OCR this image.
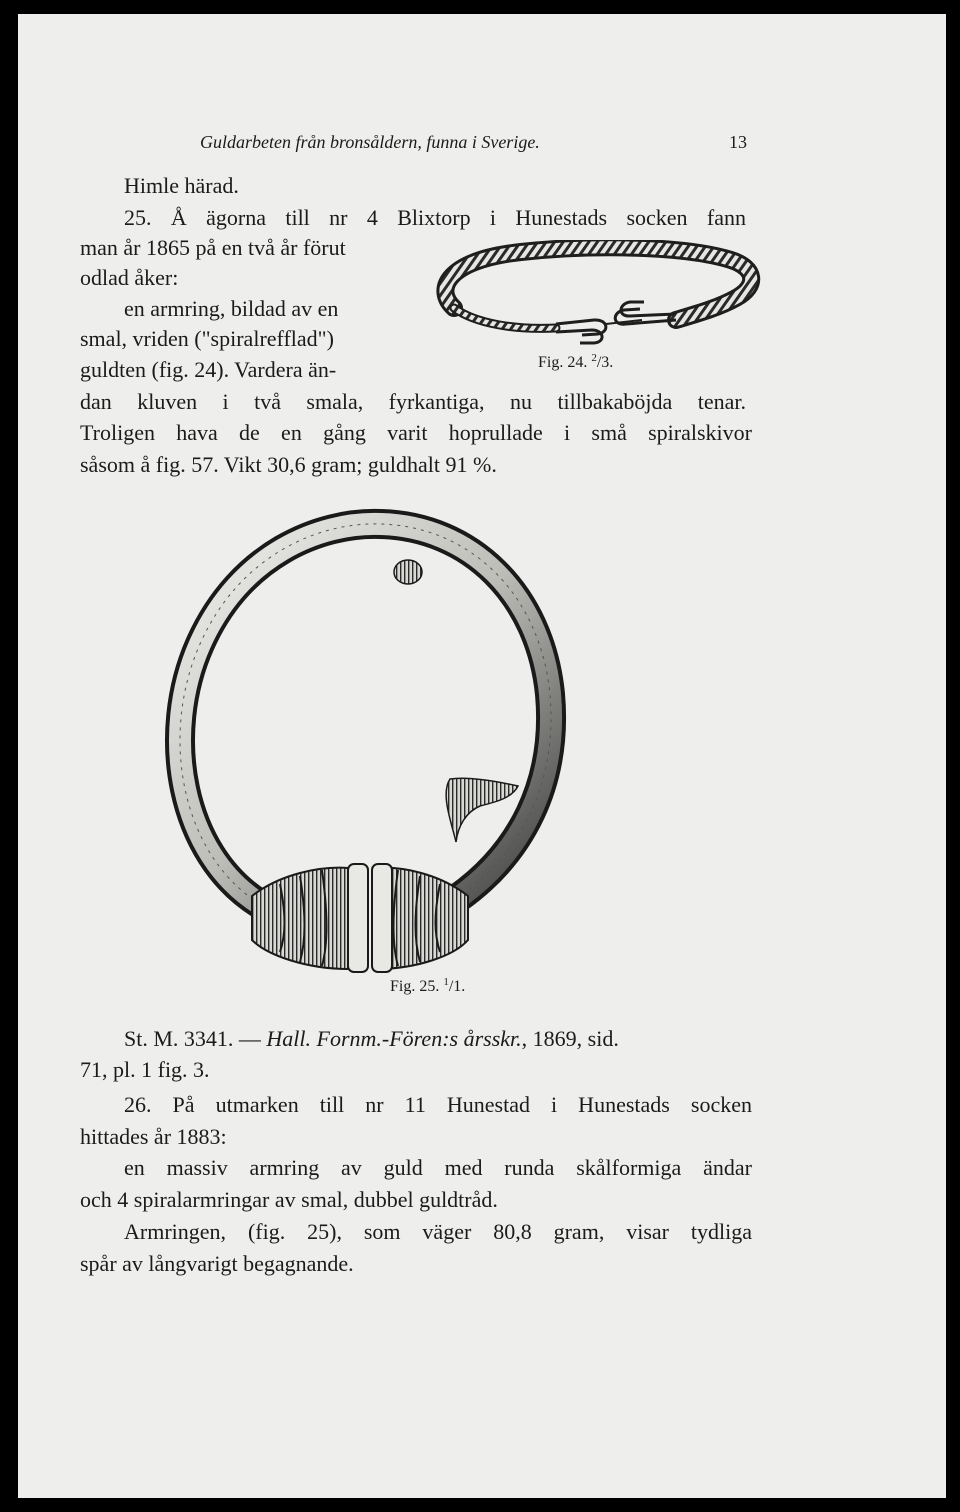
Guldarbeten från bronsåldern, funna i Sverige.	13
Himle härad.
25. Å ägorna till nr 4 Blixtorp i Hunestads socken fann
man år 1865 på en två år förut
odlad åker:
en armring, bildad av en
smal, vriden ("spiralrefflad")
guldten (fig. 24). Vardera än-
dan kluven i två smala, fyrkantiga, nu tillbakaböjda tenar.
Troligen hava de en gång varit hoprullade i små spiralskivor
såsom å fig. 57. Vikt 30,6 gram; guldhalt 91 %.
Fig. 24. $^2$/3.
Fig. 25. $^1$/1.
St. M. 3341. — Hall. Fornm.-Fören:s årsskr., 1869, sid.
71, pl. 1 fig. 3.
26. På utmarken till nr 11 Hunestad i Hunestads socken
hittades år 1883:
en massiv armring av guld med runda skålformiga ändar
och 4 spiralarmringar av smal, dubbel guldtråd.
Armringen, (fig. 25), som väger 80,8 gram, visar tydliga
spår av långvarigt begagnande.
